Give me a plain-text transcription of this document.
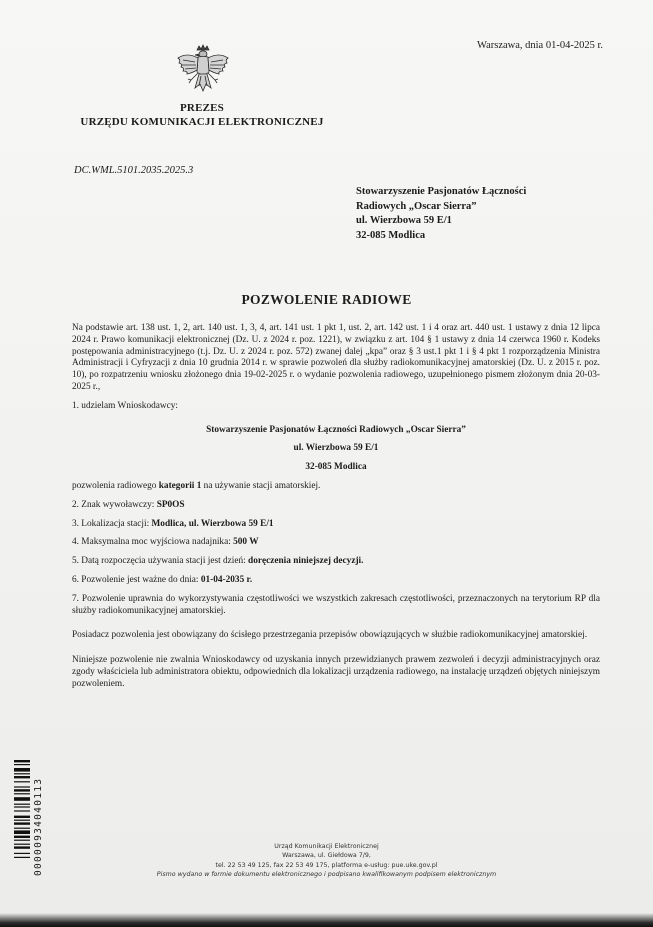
Warszawa, dnia 01-04-2025 r.
PREZES
URZĘDU KOMUNIKACJI ELEKTRONICZNEJ
DC.WML.5101.2035.2025.3
Stowarzyszenie Pasjonatów Łączności
Radiowych „Oscar Sierra”
ul. Wierzbowa 59 E/1
32-085 Modlica
POZWOLENIE RADIOWE

Na podstawie art. 138 ust. 1, 2, art. 140 ust. 1, 3, 4, art. 141 ust. 1 pkt 1, ust. 2, art. 142 ust. 1 i 4 oraz art. 440 ust. 1 ustawy z dnia 12 lipca 2024 r. Prawo komunikacji elektronicznej (Dz. U. z 2024 r. poz. 1221), w związku z art. 104 § 1 ustawy z dnia 14 czerwca 1960 r. Kodeks postępowania administracyjnego (t.j. Dz. U. z 2024 r. poz. 572) zwanej dalej „kpa” oraz § 3 ust.1 pkt 1 i § 4 pkt 1 rozporządzenia Ministra Administracji i Cyfryzacji z dnia 10 grudnia 2014 r. w sprawie pozwoleń dla służby radiokomunikacyjnej amatorskiej (Dz. U. z 2015 r. poz. 10), po rozpatrzeniu wniosku złożonego dnia 19-02-2025 r. o wydanie pozwolenia radiowego, uzupełnionego pismem złożonym dnia 20-03-2025 r.,

1. udzielam Wnioskodawcy:

Stowarzyszenie Pasjonatów Łączności Radiowych „Oscar Sierra”
ul. Wierzbowa 59 E/1
32-085 Modlica

pozwolenia radiowego kategorii 1 na używanie stacji amatorskiej.

2. Znak wywoławczy: SP0OS

3. Lokalizacja stacji: Modlica, ul. Wierzbowa 59 E/1

4. Maksymalna moc wyjściowa nadajnika: 500 W

5. Datą rozpoczęcia używania stacji jest dzień: doręczenia niniejszej decyzji.

6. Pozwolenie jest ważne do dnia: 01-04-2035 r.

7. Pozwolenie uprawnia do wykorzystywania częstotliwości we wszystkich zakresach częstotliwości, przeznaczonych na terytorium RP dla służby radiokomunikacyjnej amatorskiej.

Posiadacz pozwolenia jest obowiązany do ścisłego przestrzegania przepisów obowiązujących w służbie radiokomunikacyjnej amatorskiej.

Niniejsze pozwolenie nie zwalnia Wnioskodawcy od uzyskania innych przewidzianych prawem zezwoleń i decyzji administracyjnych oraz zgody właściciela lub administratora obiektu, odpowiednich dla lokalizacji urządzenia radiowego, na instalację urządzeń objętych niniejszym pozwoleniem.

00000934040113	Urząd Komunikacji Elektronicznej
Warszawa, ul. Giełdowa 7/9,
tel. 22 53 49 125, fax 22 53 49 175, platforma e-usług: pue.uke.gov.pl
Pismo wydano w formie dokumentu elektronicznego i podpisano kwalifikowanym podpisem elektronicznym
